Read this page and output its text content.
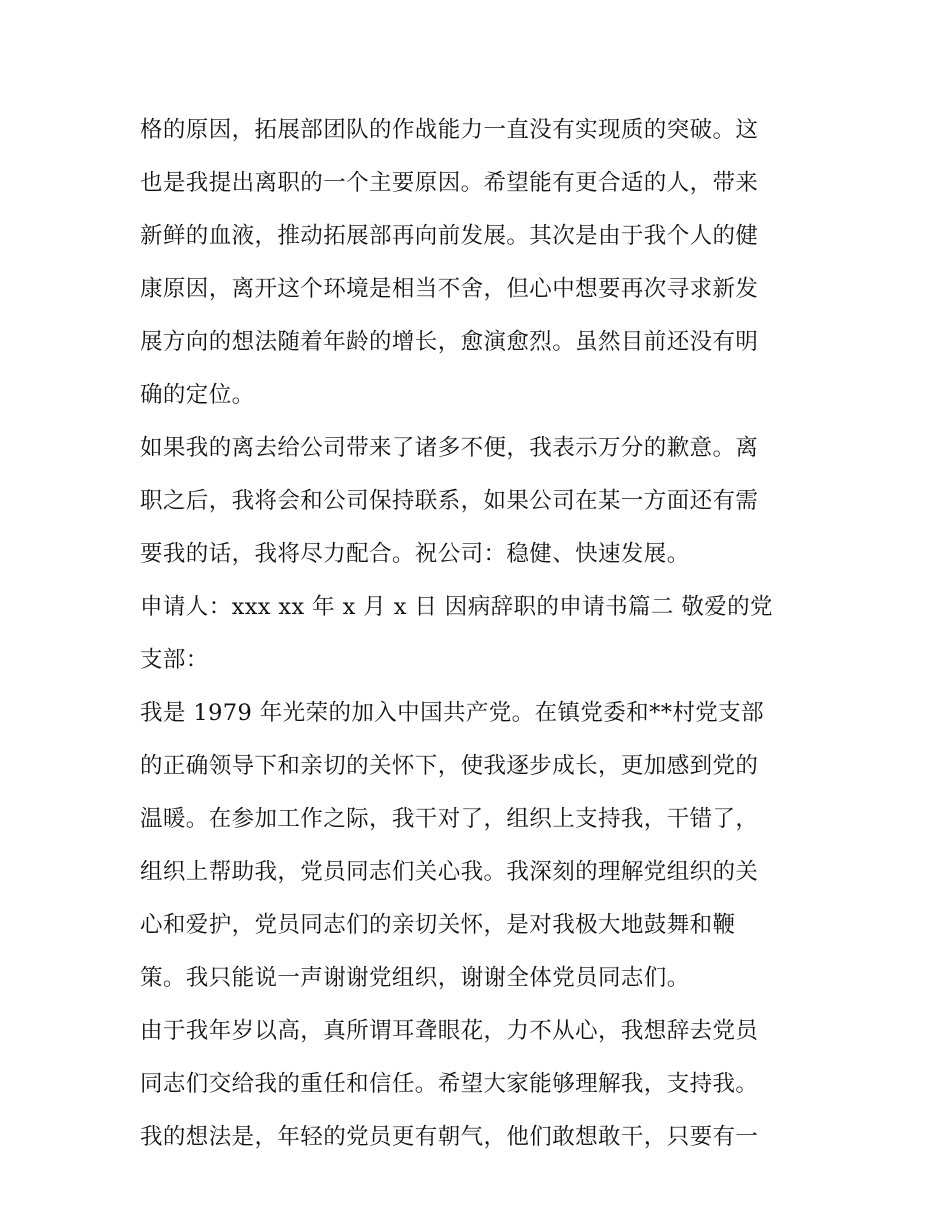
格的原因，拓展部团队的作战能力一直没有实现质的突破。这
也是我提出离职的一个主要原因。希望能有更合适的人，带来
新鲜的血液，推动拓展部再向前发展。其次是由于我个人的健
康原因，离开这个环境是相当不舍，但心中想要再次寻求新发
展方向的想法随着年龄的增长，愈演愈烈。虽然目前还没有明
确的定位。
如果我的离去给公司带来了诸多不便，我表示万分的歉意。离
职之后，我将会和公司保持联系，如果公司在某一方面还有需
要我的话，我将尽力配合。祝公司：稳健、快速发展。
申请人：xxx xx 年 x 月 x 日 因病辞职的申请书篇二 敬爱的党
支部：
我是 1979 年光荣的加入中国共产党。在镇党委和**村党支部
的正确领导下和亲切的关怀下，使我逐步成长，更加感到党的
温暖。在参加工作之际，我干对了，组织上支持我，干错了，
组织上帮助我，党员同志们关心我。我深刻的理解党组织的关
心和爱护，党员同志们的亲切关怀，是对我极大地鼓舞和鞭
策。我只能说一声谢谢党组织，谢谢全体党员同志们。
由于我年岁以高，真所谓耳聋眼花，力不从心，我想辞去党员
同志们交给我的重任和信任。希望大家能够理解我，支持我。
我的想法是，年轻的党员更有朝气，他们敢想敢干，只要有一
